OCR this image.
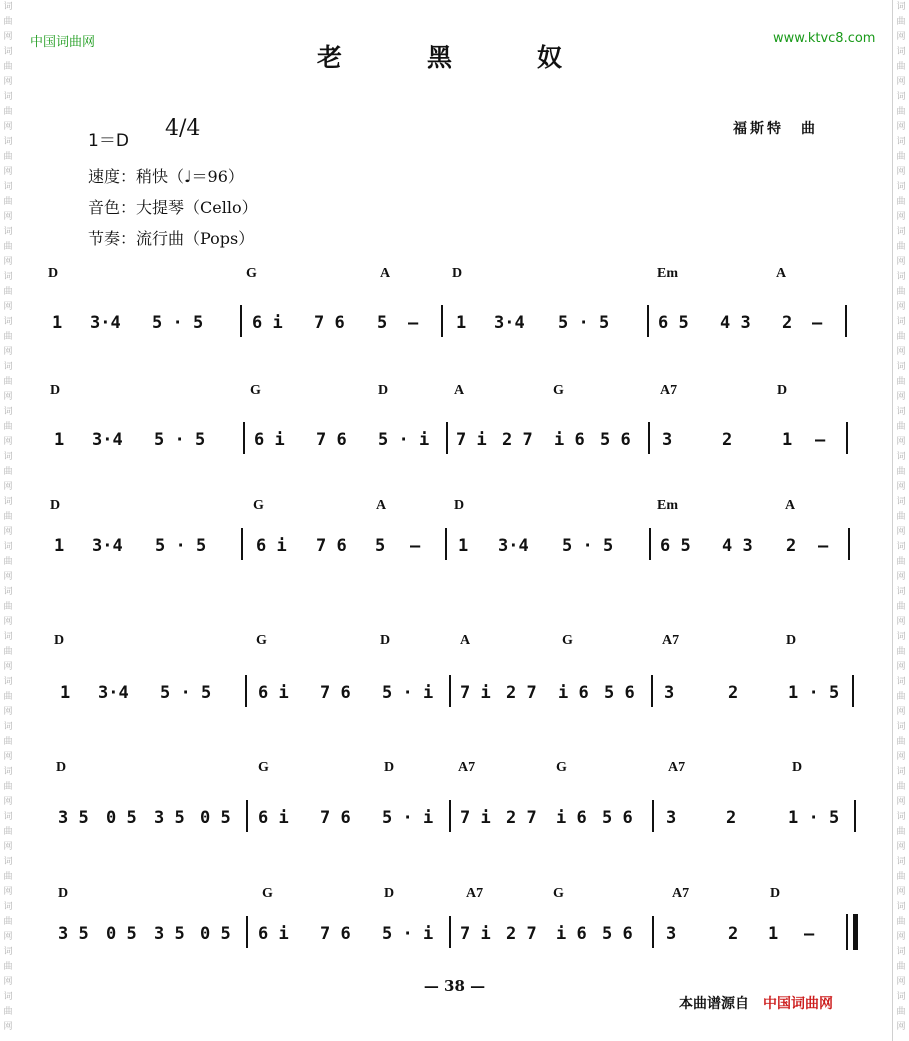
词
曲
网
词
曲
网
词
曲
网
词
曲
网
词
曲
网
词
曲
网
词
曲
网
词
曲
网
词
曲
网
词
曲
网
词
曲
网
词
曲
网
词
曲
网
词
曲
网
词
曲
网
词
曲
网
词
曲
网
词
曲
网
词
曲
网
词
曲
网
词
曲
网
词
曲
网
词
曲
网
词
曲
网
词
曲
网
词
曲
网
词
曲
网
词
曲
网
词
曲
网
词
曲
网
词
曲
网
词
曲
网
词
曲
网
词
曲
网
词
曲
网
词
曲
网
词
曲
网
词
曲
网
词
曲
网
词
曲
网
词
曲
网
词
曲
网
词
曲
网
词
曲
网
词
曲
网
词
曲
网
中国词曲网	www.ktvc8.com
老　黑　奴
福斯特　曲
1＝D 4/4
速度：稍快（♩＝96）
音色：大提琴（Cello）
节奏：流行曲（Pops）
D	G	A	D	Em	A
1 3·4 5 · 5	6 i 7 6 5 — 1 3·4 5 · 5	6 5 4 3 2 —
D	G	D	A	G	A7	D
1 3·4 5 · 5	6 i 7 6 5 · i 7 i 2 7 i 6 5 6 3	2	1 —
D	G	A	D	Em	A
1 3·4 5 · 5	6 i 7 6 5 — 1 3·4 5 · 5	6 5 4 3 2 —
D	G	D	A	G	A7	D
1 3·4 5 · 5	6 i 7 6 5 · i 7 i 2 7 i 6 5 6 3	2	1 · 5
D	G	D	A7	G	A7	D
3 5 0 5 3 5 0 5 6 i 7 6 5 · i 7 i 2 7 i 6 5 6 3	2	1 · 5
D	G	D	A7	G	A7	D
3 5 0 5 3 5 0 5 6 i 7 6 5 · i 7 i 2 7 i 6 5 6 3	2 1 —
— 38 —
本曲谱源自 中国词曲网
